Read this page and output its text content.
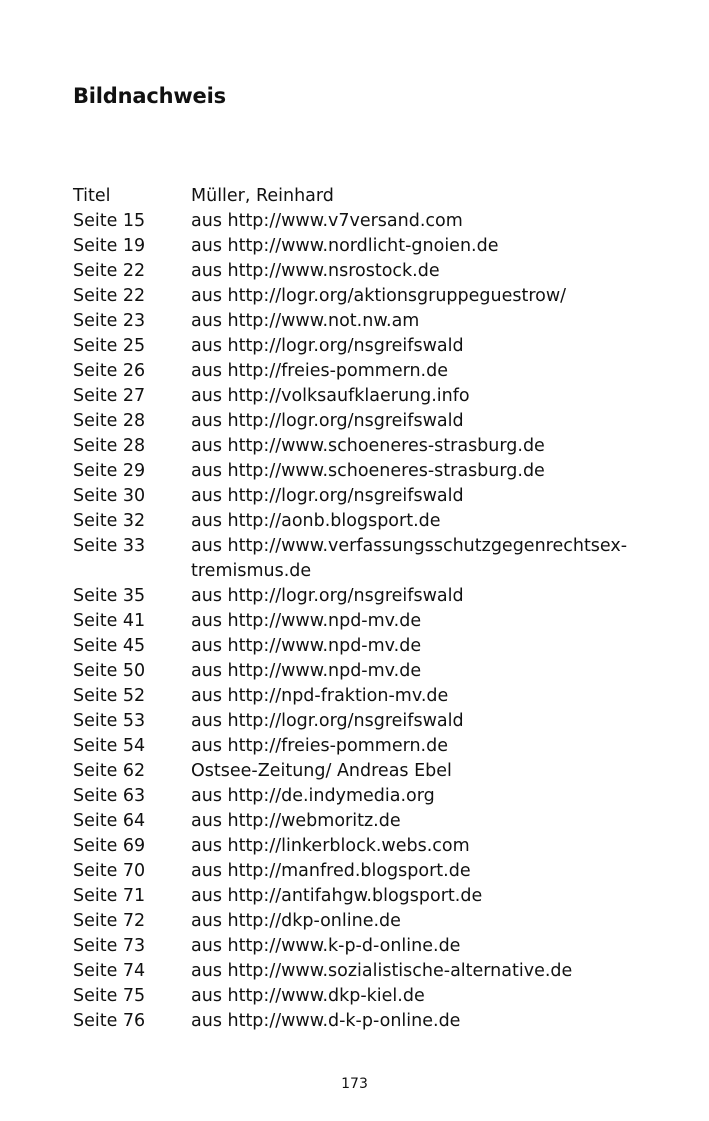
Bildnachweis
Titel	Müller, Reinhard
Seite 15	aus http://www.v7versand.com
Seite 19	aus http://www.nordlicht-gnoien.de
Seite 22	aus http://www.nsrostock.de
Seite 22	aus http://logr.org/aktionsgruppeguestrow/
Seite 23	aus http://www.not.nw.am
Seite 25	aus http://logr.org/nsgreifswald
Seite 26	aus http://freies-pommern.de
Seite 27	aus http://volksaufklaerung.info
Seite 28	aus http://logr.org/nsgreifswald
Seite 28	aus http://www.schoeneres-strasburg.de
Seite 29	aus http://www.schoeneres-strasburg.de
Seite 30	aus http://logr.org/nsgreifswald
Seite 32	aus http://aonb.blogsport.de
Seite 33	aus http://www.verfassungsschutzgegenrechtsex-
tremismus.de
Seite 35	aus http://logr.org/nsgreifswald
Seite 41	aus http://www.npd-mv.de
Seite 45	aus http://www.npd-mv.de
Seite 50	aus http://www.npd-mv.de
Seite 52	aus http://npd-fraktion-mv.de
Seite 53	aus http://logr.org/nsgreifswald
Seite 54	aus http://freies-pommern.de
Seite 62	Ostsee-Zeitung/ Andreas Ebel
Seite 63	aus http://de.indymedia.org
Seite 64	aus http://webmoritz.de
Seite 69	aus http://linkerblock.webs.com
Seite 70	aus http://manfred.blogsport.de
Seite 71	aus http://antifahgw.blogsport.de
Seite 72	aus http://dkp-online.de
Seite 73	aus http://www.k-p-d-online.de
Seite 74	aus http://www.sozialistische-alternative.de
Seite 75	aus http://www.dkp-kiel.de
Seite 76	aus http://www.d-k-p-online.de
173
